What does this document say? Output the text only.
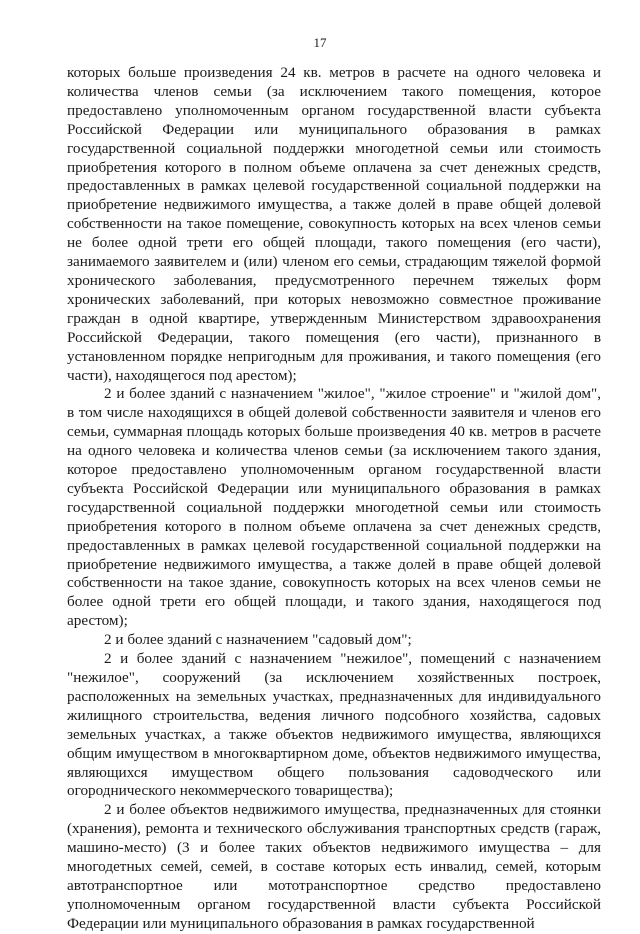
17

которых больше произведения 24 кв. метров в расчете на одного человека и количества членов семьи (за исключением такого помещения, которое предоставлено уполномоченным органом государственной власти субъекта Российской Федерации или муниципального образования в рамках государственной социальной поддержки многодетной семьи или стоимость приобретения которого в полном объеме оплачена за счет денежных средств, предоставленных в рамках целевой государственной социальной поддержки на приобретение недвижимого имущества, а также долей в праве общей долевой собственности на такое помещение, совокупность которых на всех членов семьи не более одной трети его общей площади, такого помещения (его части), занимаемого заявителем и (или) членом его семьи, страдающим тяжелой формой хронического заболевания, предусмотренного перечнем тяжелых форм хронических заболеваний, при которых невозможно совместное проживание граждан в одной квартире, утвержденным Министерством здравоохранения Российской Федерации, такого помещения (его части), признанного в установленном порядке непригодным для проживания, и такого помещения (его части), находящегося под арестом);

2 и более зданий с назначением "жилое", "жилое строение" и "жилой дом", в том числе находящихся в общей долевой собственности заявителя и членов его семьи, суммарная площадь которых больше произведения 40 кв. метров в расчете на одного человека и количества членов семьи (за исключением такого здания, которое предоставлено уполномоченным органом государственной власти субъекта Российской Федерации или муниципального образования в рамках государственной социальной поддержки многодетной семьи или стоимость приобретения которого в полном объеме оплачена за счет денежных средств, предоставленных в рамках целевой государственной социальной поддержки на приобретение недвижимого имущества, а также долей в праве общей долевой собственности на такое здание, совокупность которых на всех членов семьи не более одной трети его общей площади, и такого здания, находящегося под арестом);

2 и более зданий с назначением "садовый дом";

2 и более зданий с назначением "нежилое", помещений с назначением "нежилое", сооружений (за исключением хозяйственных построек, расположенных на земельных участках, предназначенных для индивидуального жилищного строительства, ведения личного подсобного хозяйства, садовых земельных участках, а также объектов недвижимого имущества, являющихся общим имуществом в многоквартирном доме, объектов недвижимого имущества, являющихся имуществом общего пользования садоводческого или огороднического некоммерческого товарищества);

2 и более объектов недвижимого имущества, предназначенных для стоянки (хранения), ремонта и технического обслуживания транспортных средств (гараж, машино-место) (3 и более таких объектов недвижимого имущества – для многодетных семей, семей, в составе которых есть инвалид, семей, которым автотранспортное или мототранспортное средство предоставлено уполномоченным органом государственной власти субъекта Российской Федерации или муниципального образования в рамках государственной
